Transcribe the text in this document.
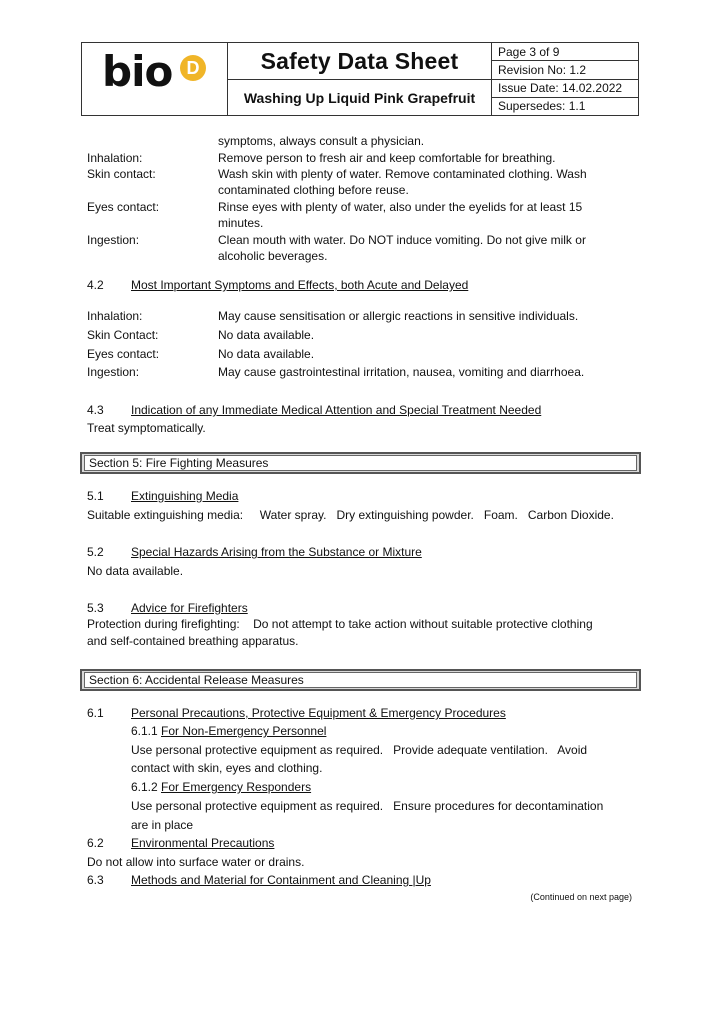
bio D	Safety Data Sheet
Washing Up Liquid Pink Grapefruit
Page 3 of 9
Revision No: 1.2
Issue Date: 14.02.2022
Supersedes: 1.1
symptoms, always consult a physician.
Inhalation:	Remove person to fresh air and keep comfortable for breathing.
Skin contact:	Wash skin with plenty of water. Remove contaminated clothing. Wash
contaminated clothing before reuse.
Eyes contact:	Rinse eyes with plenty of water, also under the eyelids for at least 15
minutes.
Ingestion:	Clean mouth with water. Do NOT induce vomiting. Do not give milk or
alcoholic beverages.
4.2 Most Important Symptoms and Effects, both Acute and Delayed
Inhalation:	May cause sensitisation or allergic reactions in sensitive individuals.
Skin Contact:	No data available.
Eyes contact:	No data available.
Ingestion:	May cause gastrointestinal irritation, nausea, vomiting and diarrhoea.
4.3 Indication of any Immediate Medical Attention and Special Treatment Needed
Treat symptomatically.
Section 5: Fire Fighting Measures
5.1 Extinguishing Media
Suitable extinguishing media:     Water spray.   Dry extinguishing powder.   Foam.   Carbon Dioxide.
5.2 Special Hazards Arising from the Substance or Mixture
No data available.
5.3 Advice for Firefighters
Protection during firefighting:    Do not attempt to take action without suitable protective clothing
and self-contained breathing apparatus.
Section 6: Accidental Release Measures
6.1 Personal Precautions, Protective Equipment & Emergency Procedures
6.1.1 For Non-Emergency Personnel
Use personal protective equipment as required.   Provide adequate ventilation.   Avoid
contact with skin, eyes and clothing.
6.1.2 For Emergency Responders
Use personal protective equipment as required.   Ensure procedures for decontamination
are in place
6.2 Environmental Precautions
Do not allow into surface water or drains.
6.3 Methods and Material for Containment and Cleaning |Up
(Continued on next page)
